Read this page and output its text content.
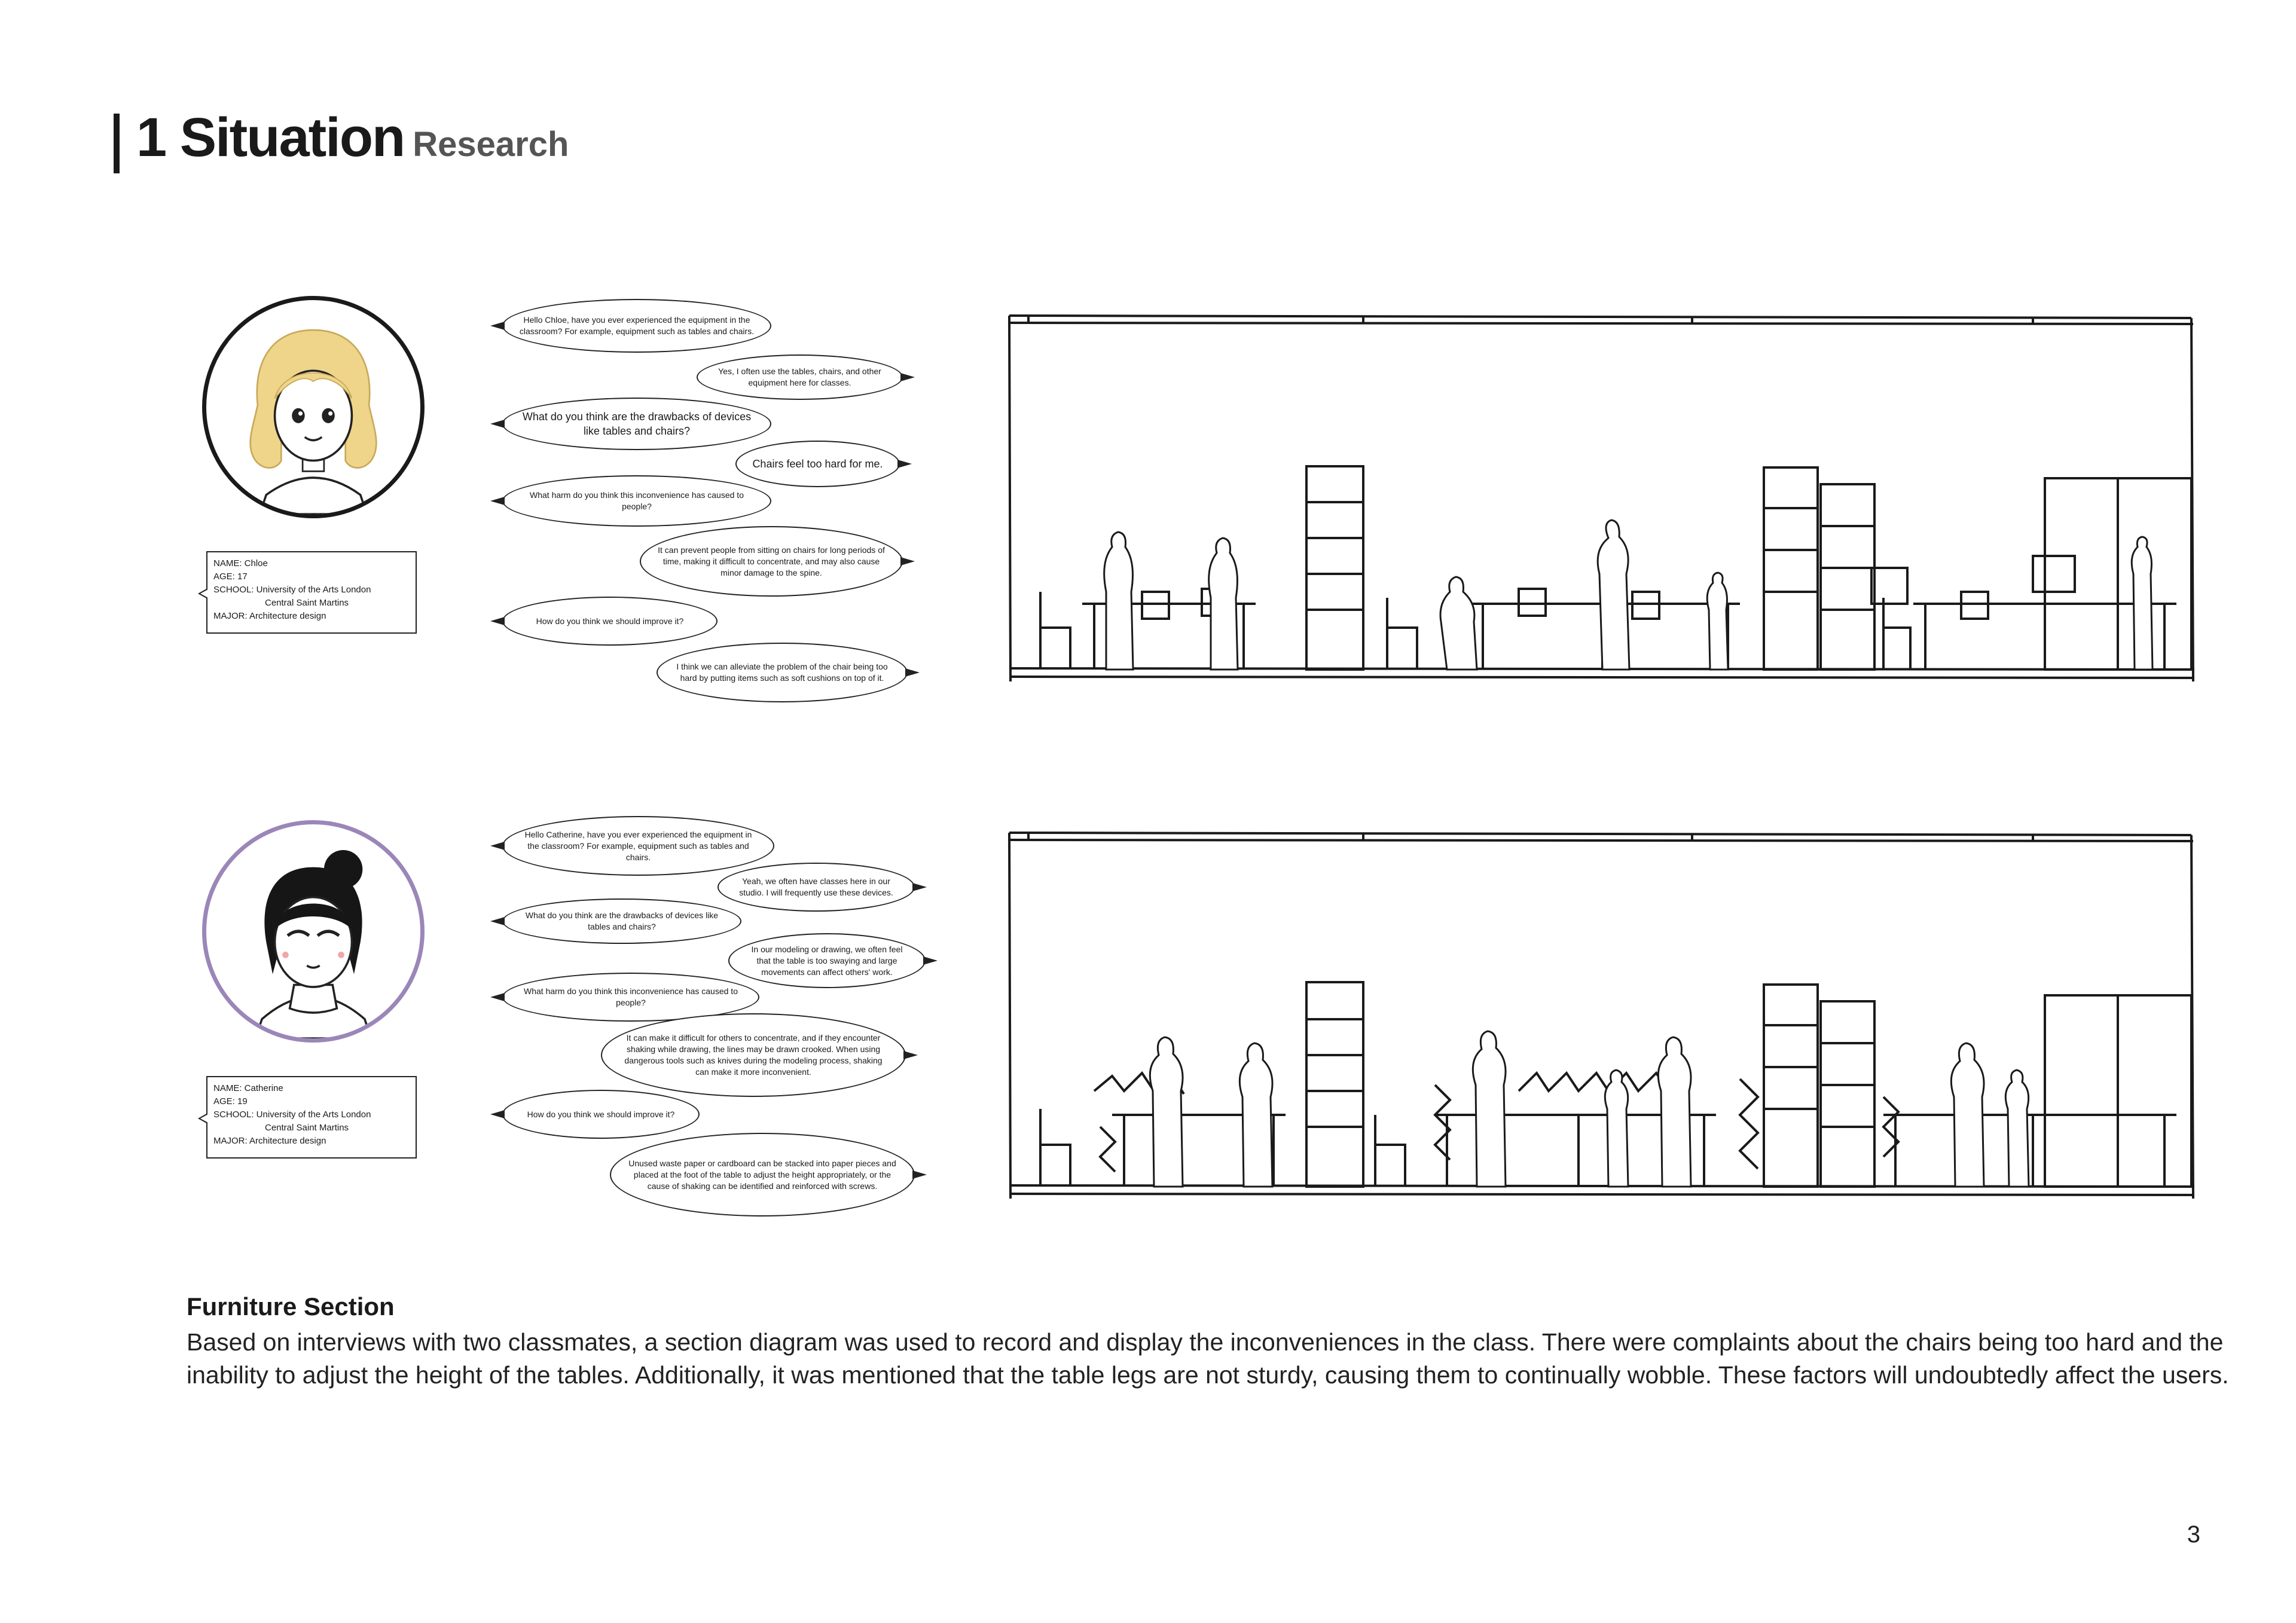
1 Situation Research
NAME: Chloe
AGE: 17
SCHOOL: University of the Arts London
Central Saint Martins
MAJOR: Architecture design
Hello Chloe, have you ever experienced the equipment in the classroom? For example, equipment such as tables and chairs.
Yes, I often use the tables, chairs, and other equipment here for classes.
What do you think are the drawbacks of devices like tables and chairs?
Chairs feel too hard for me.
What harm do you think this inconvenience has caused to people?
It can prevent people from sitting on chairs for long periods of time, making it difficult to concentrate, and may also cause minor damage to the spine.
How do you think we should improve it?
I think we can alleviate the problem of the chair being too hard by putting items such as soft cushions on top of it.
NAME: Catherine
AGE: 19
SCHOOL: University of the Arts London
Central Saint Martins
MAJOR: Architecture design
Hello Catherine, have you ever experienced the equipment in the classroom? For example, equipment such as tables and chairs.
Yeah, we often have classes here in our studio. I will frequently use these devices.
What do you think are the drawbacks of devices like tables and chairs?
In our modeling or drawing, we often feel that the table is too swaying and large movements can affect others' work.
What harm do you think this inconvenience has caused to people?
It can make it difficult for others to concentrate, and if they encounter shaking while drawing, the lines may be drawn crooked. When using dangerous tools such as knives during the modeling process, shaking can make it more inconvenient.
How do you think we should improve it?
Unused waste paper or cardboard can be stacked into paper pieces and placed at the foot of the table to adjust the height appropriately, or the cause of shaking can be identified and reinforced with screws.
Furniture Section

Based on interviews with two classmates, a section diagram was used to record and display the inconveniences in the class. There were complaints about the chairs being too hard and the inability to adjust the height of the tables. Additionally, it was mentioned that the table legs are not sturdy, causing them to continually wobble. These factors will undoubtedly affect the users.

3
